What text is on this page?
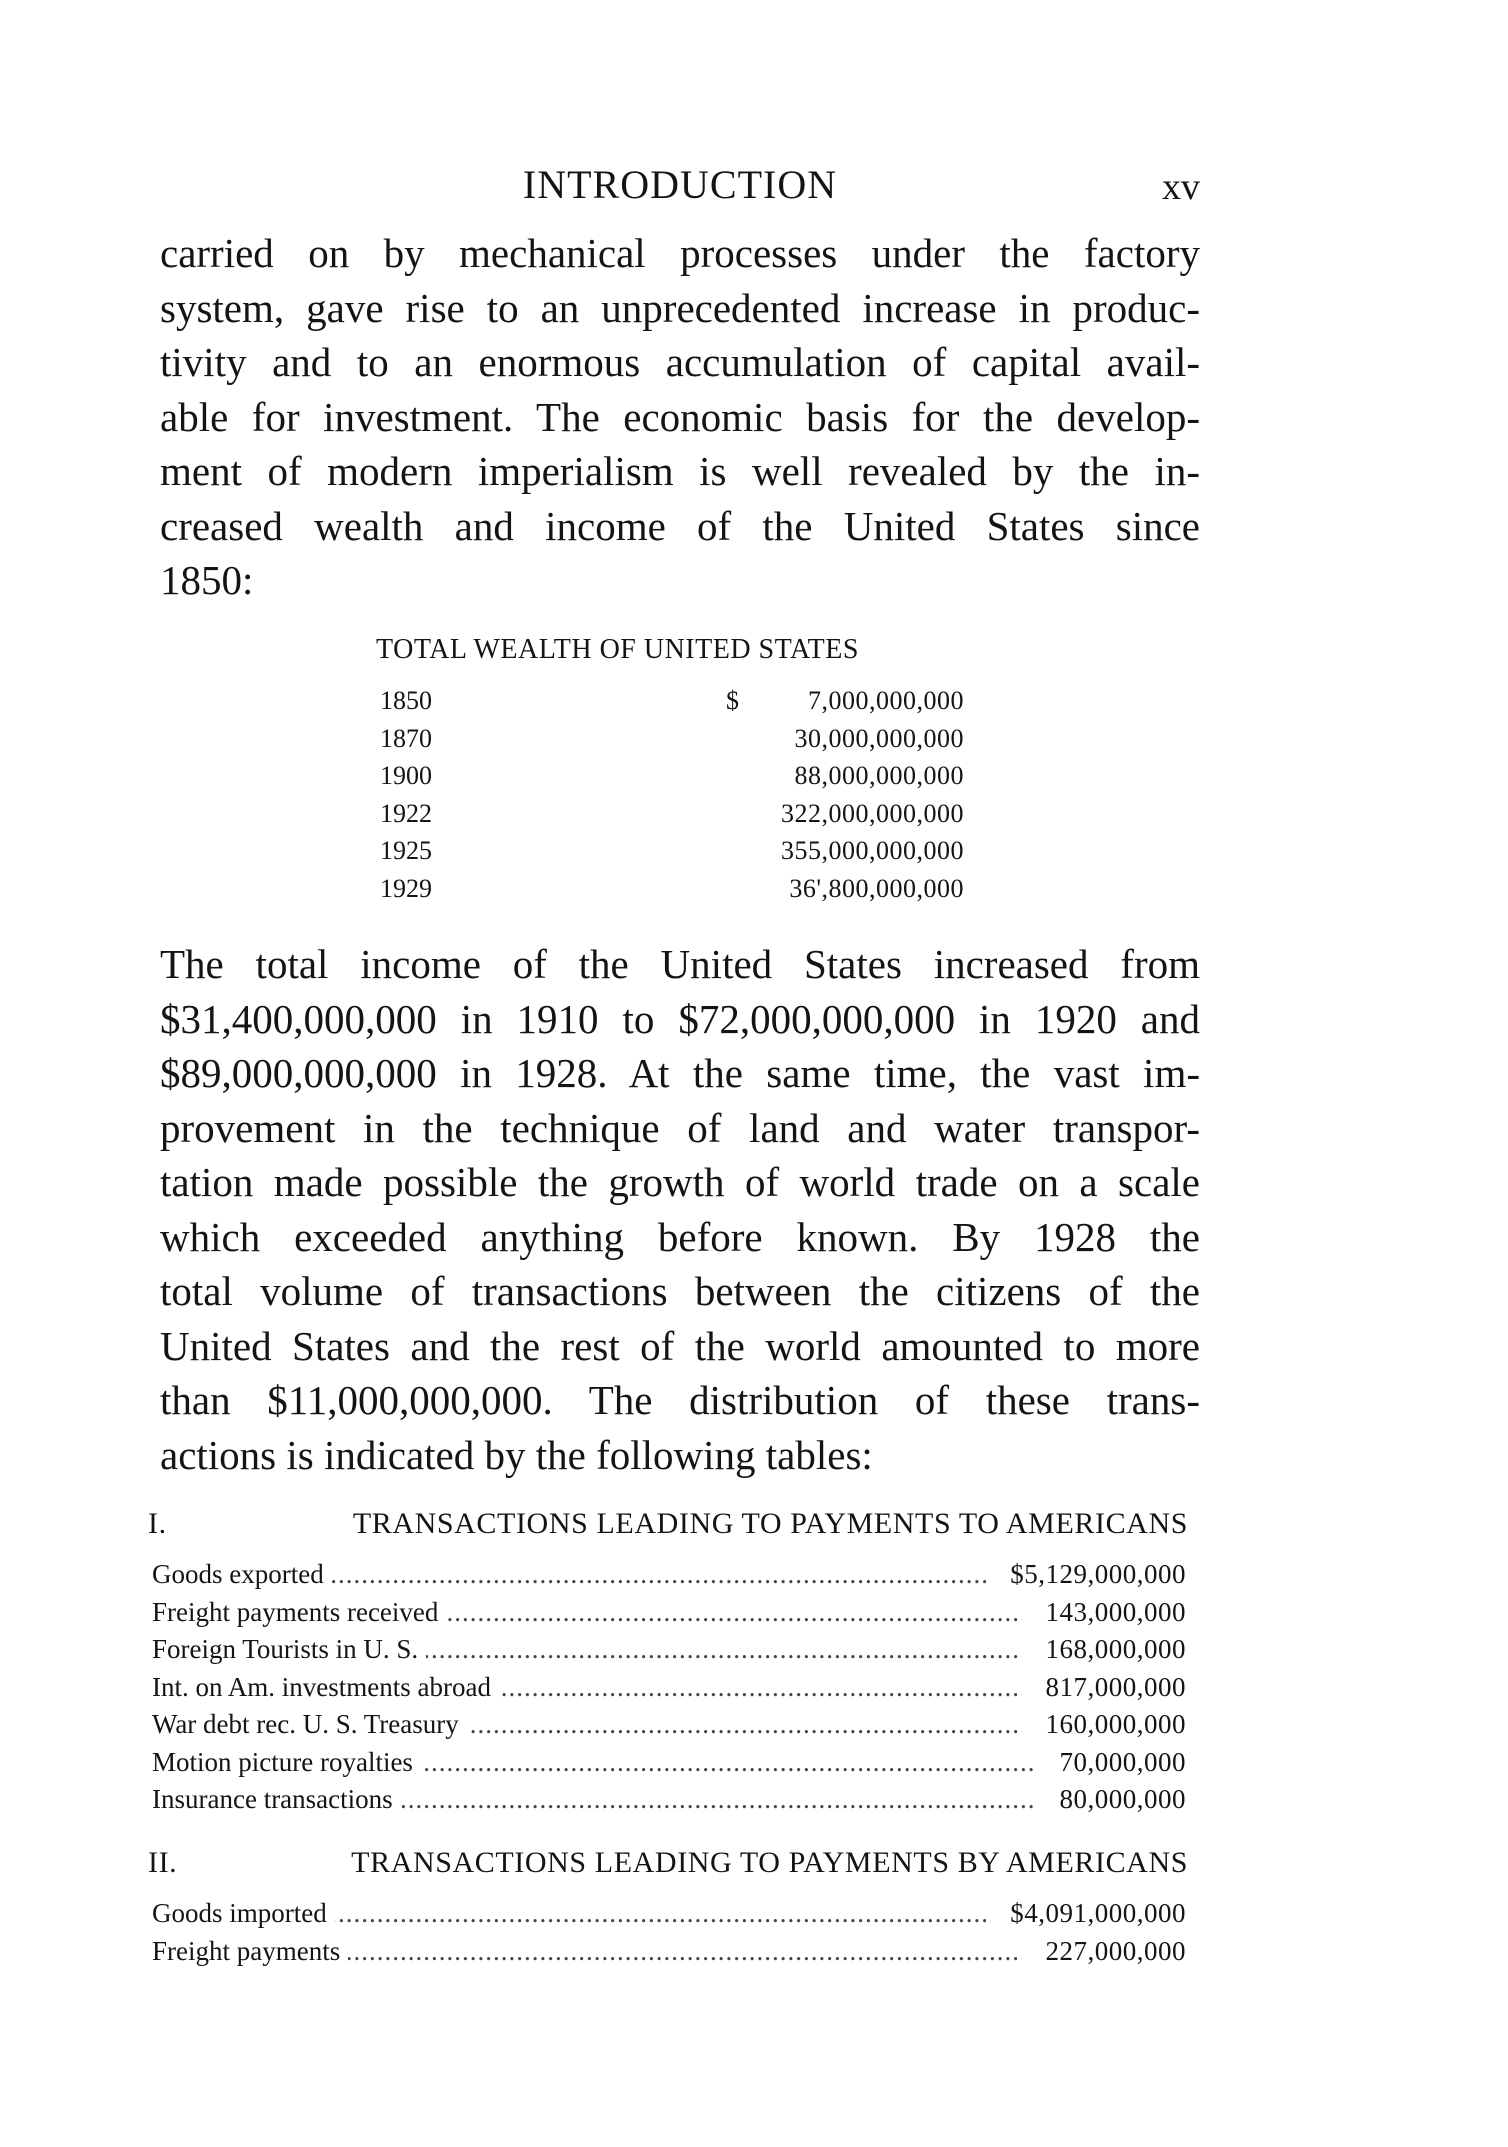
INTRODUCTION	xv
carried on by mechanical processes under the factory
system, gave rise to an unprecedented increase in produc-
tivity and to an enormous accumulation of capital avail-
able for investment. The economic basis for the develop-
ment of modern imperialism is well revealed by the in-
creased wealth and income of the United States since
1850:
TOTAL WEALTH OF UNITED STATES
1850	$	7,000,000,000
1870	30,000,000,000
1900	88,000,000,000
1922	322,000,000,000
1925	355,000,000,000
1929	36',800,000,000
The total income of the United States increased from
$31,400,000,000 in 1910 to $72,000,000,000 in 1920 and
$89,000,000,000 in 1928. At the same time, the vast im-
provement in the technique of land and water transpor-
tation made possible the growth of world trade on a scale
which exceeded anything before known. By 1928 the
total volume of transactions between the citizens of the
United States and the rest of the world amounted to more
than $11,000,000,000. The distribution of these trans-
actions is indicated by the following tables:
I.	TRANSACTIONS LEADING TO PAYMENTS TO AMERICANS
.....
Goods exported	$5,129,000,000
.....
Freight payments received	143,000,000
.....
Foreign Tourists in U. S.	168,000,000
.....
Int. on Am. investments abroad	817,000,000
.....
War debt rec. U. S. Treasury	160,000,000
.....
Motion picture royalties	70,000,000
.....
Insurance transactions	80,000,000
II.	TRANSACTIONS LEADING TO PAYMENTS BY AMERICANS
.....
Goods imported	$4,091,000,000
.....
Freight payments	227,000,000
